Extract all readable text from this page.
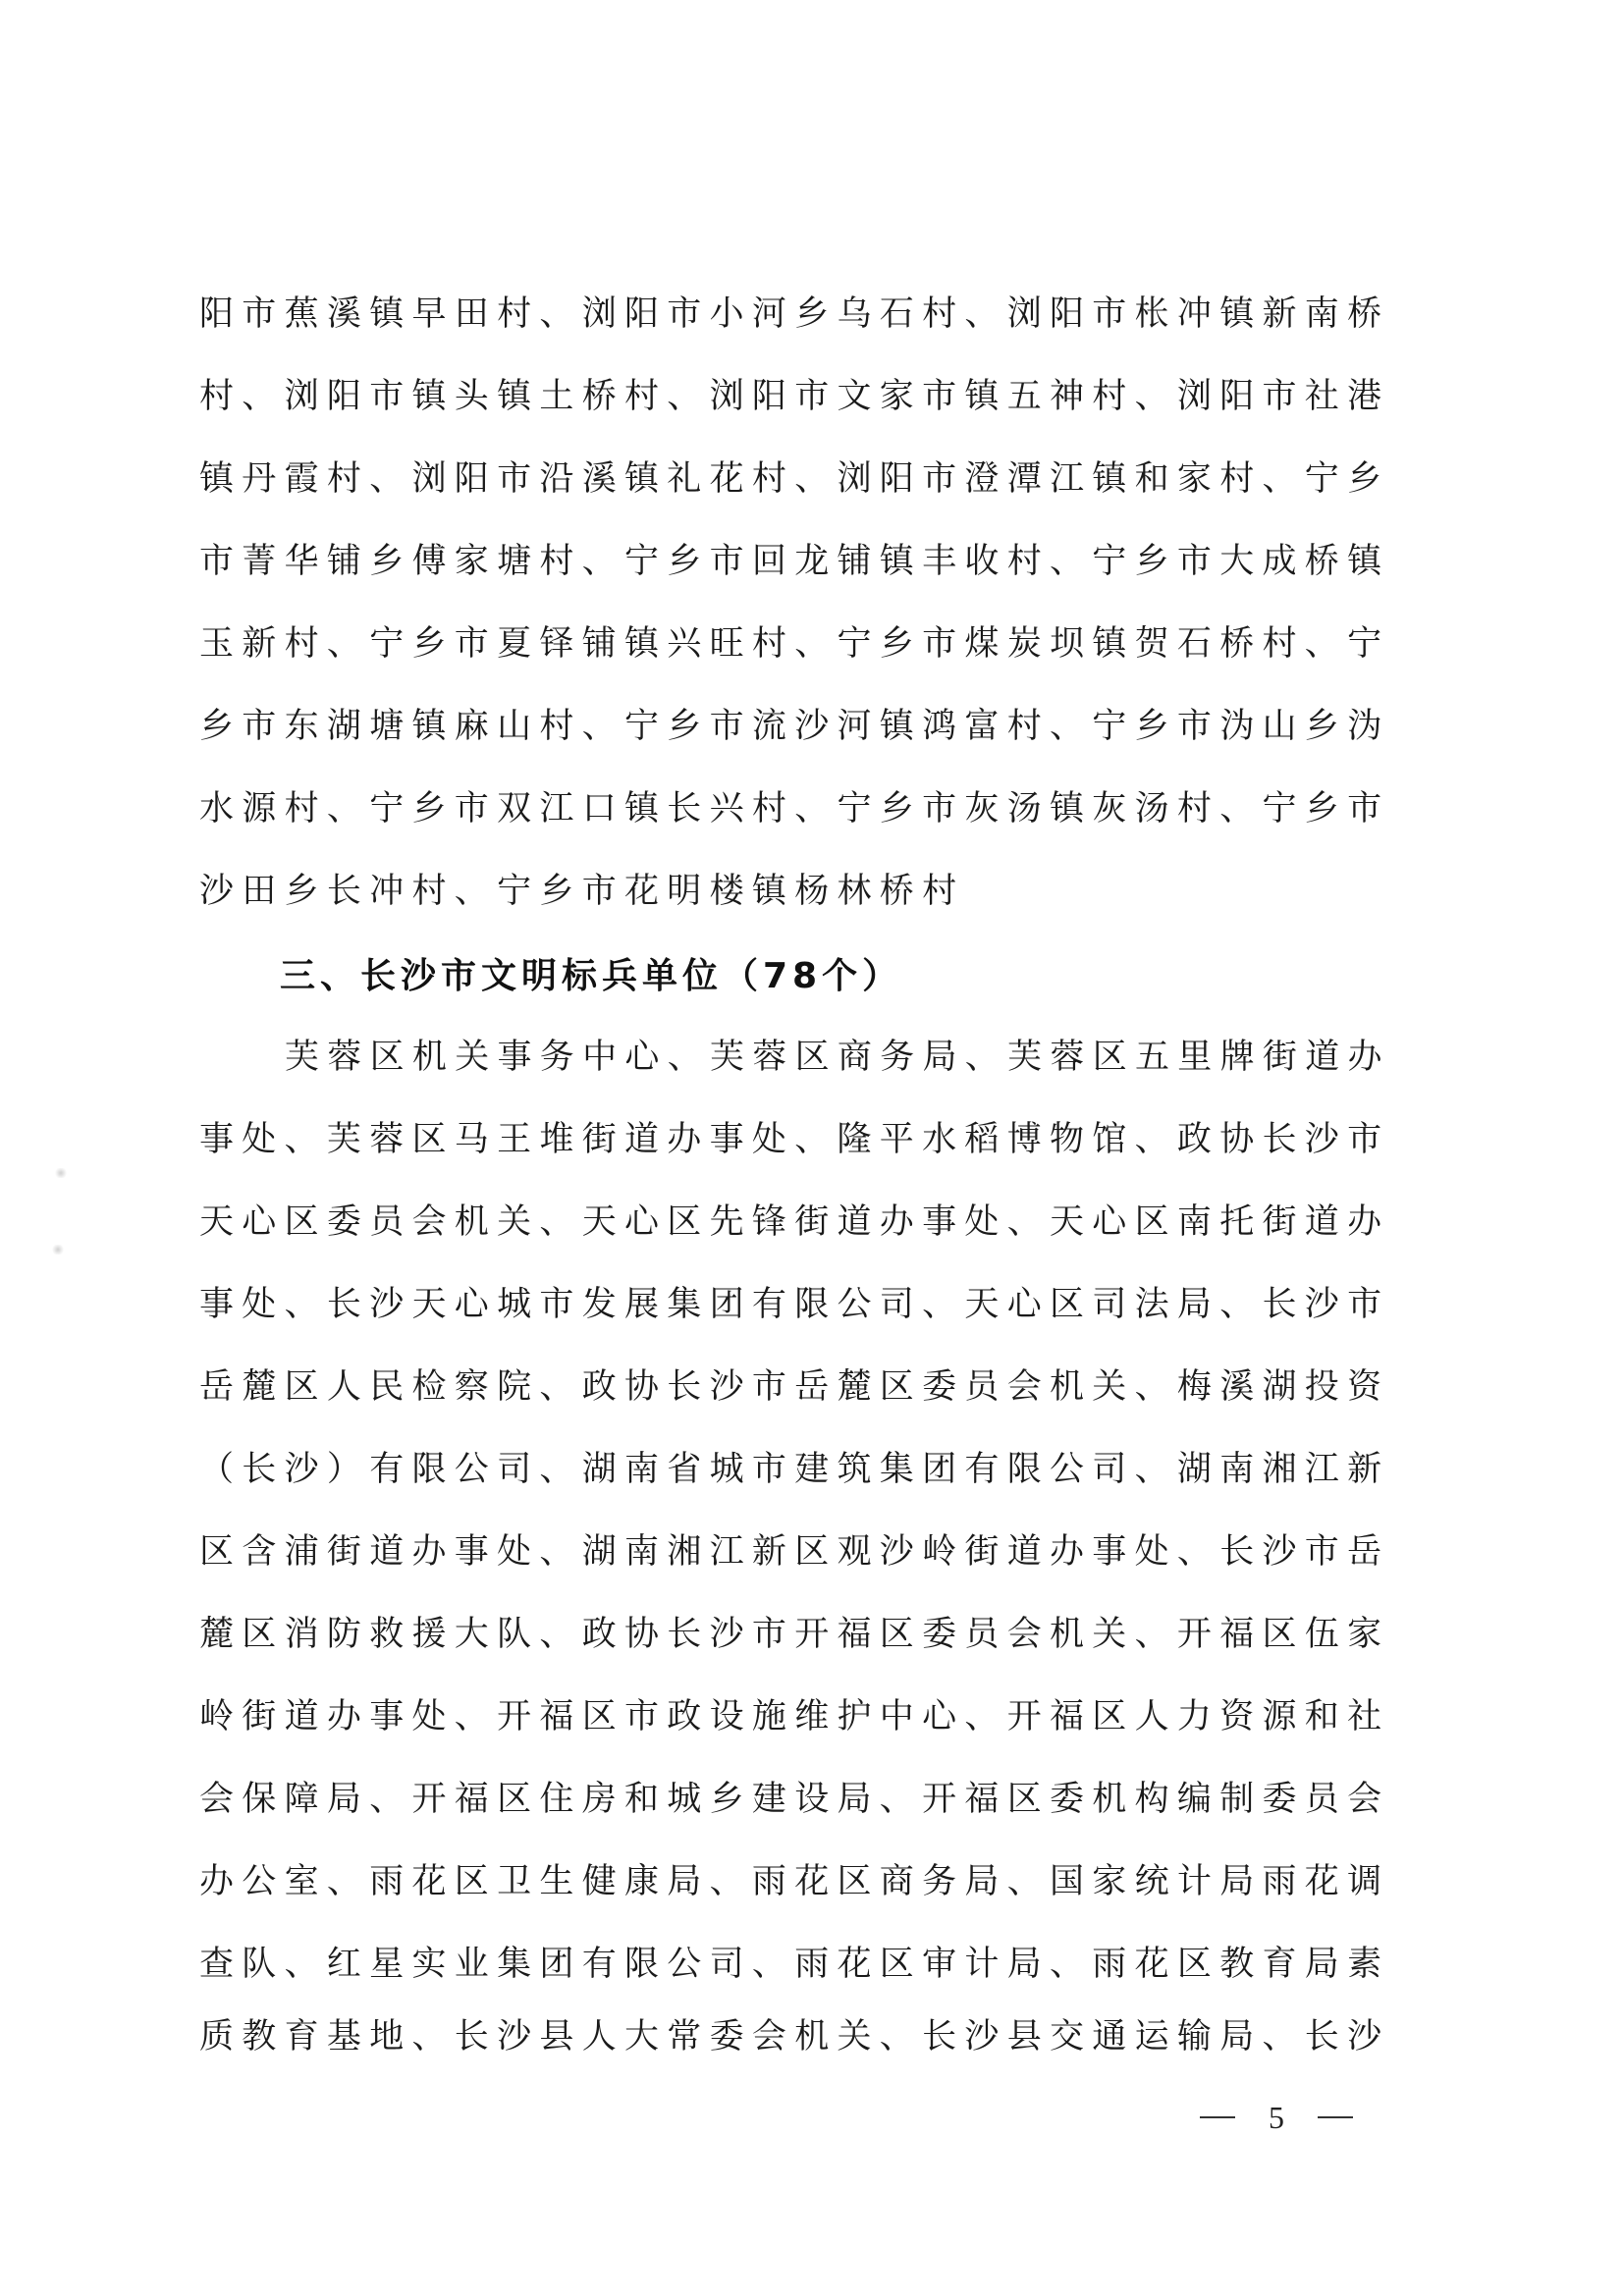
阳市蕉溪镇早田村、浏阳市小河乡乌石村、浏阳市枨冲镇新南桥
村、浏阳市镇头镇土桥村、浏阳市文家市镇五神村、浏阳市社港
镇丹霞村、浏阳市沿溪镇礼花村、浏阳市澄潭江镇和家村、宁乡
市菁华铺乡傅家塘村、宁乡市回龙铺镇丰收村、宁乡市大成桥镇
玉新村、宁乡市夏铎铺镇兴旺村、宁乡市煤炭坝镇贺石桥村、宁
乡市东湖塘镇麻山村、宁乡市流沙河镇鸿富村、宁乡市沩山乡沩
水源村、宁乡市双江口镇长兴村、宁乡市灰汤镇灰汤村、宁乡市
沙田乡长冲村、宁乡市花明楼镇杨林桥村
三、长沙市文明标兵单位（78个）
芙蓉区机关事务中心、芙蓉区商务局、芙蓉区五里牌街道办
事处、芙蓉区马王堆街道办事处、隆平水稻博物馆、政协长沙市
天心区委员会机关、天心区先锋街道办事处、天心区南托街道办
事处、长沙天心城市发展集团有限公司、天心区司法局、长沙市
岳麓区人民检察院、政协长沙市岳麓区委员会机关、梅溪湖投资
（长沙）有限公司、湖南省城市建筑集团有限公司、湖南湘江新
区含浦街道办事处、湖南湘江新区观沙岭街道办事处、长沙市岳
麓区消防救援大队、政协长沙市开福区委员会机关、开福区伍家
岭街道办事处、开福区市政设施维护中心、开福区人力资源和社
会保障局、开福区住房和城乡建设局、开福区委机构编制委员会
办公室、雨花区卫生健康局、雨花区商务局、国家统计局雨花调
查队、红星实业集团有限公司、雨花区审计局、雨花区教育局素
质教育基地、长沙县人大常委会机关、长沙县交通运输局、长沙
5
